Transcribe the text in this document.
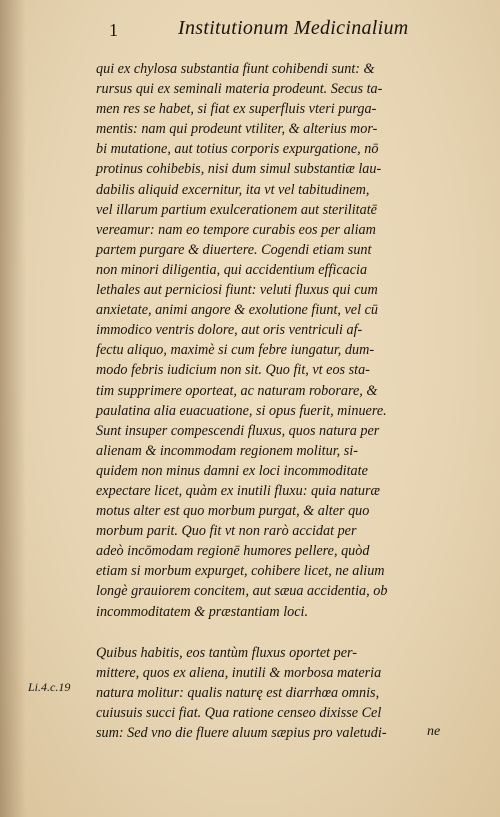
1	Institutionum Medicinalium
qui ex chylosa substantia fiunt cohibendi sunt: &
rursus qui ex seminali materia prodeunt. Secus ta-
men res se habet, si fiat ex superfluis vteri purga-
mentis: nam qui prodeunt vtiliter, & alterius mor-
bi mutatione, aut totius corporis expurgatione, nō
protinus cohibebis, nisi dum simul substantiæ lau-
dabilis aliquid excernitur, ita vt vel tabitudinem,
vel illarum partium exulcerationem aut sterilitatē
vereamur: nam eo tempore curabis eos per aliam
partem purgare & diuertere. Cogendi etiam sunt
non minori diligentia, qui accidentium efficacia
lethales aut perniciosi fiunt: veluti fluxus qui cum
anxietate, animi angore & exolutione fiunt, vel cū
immodico ventris dolore, aut oris ventriculi af-
fectu aliquo, maximè si cum febre iungatur, dum-
modo febris iudicium non sit. Quo fit, vt eos sta-
tim supprimere oporteat, ac naturam roborare, &
paulatina alia euacuatione, si opus fuerit, minuere.
Sunt insuper compescendi fluxus, quos natura per
alienam & incommodam regionem molitur, si-
quidem non minus damni ex loci incommoditate
expectare licet, quàm ex inutili fluxu: quia naturæ
motus alter est quo morbum purgat, & alter quo
morbum parit. Quo fit vt non rarò accidat per
adeò incōmodam regionē humores pellere, quòd
etiam si morbum expurget, cohibere licet, ne alium
longè grauiorem conciteт, aut sæua accidentia, ob
incommoditatem & præstantiam loci.
Quibus habitis, eos tantùm fluxus oportet per-
mittere, quos ex aliena, inutili & morbosa materia
natura molitur: qualis naturę est diarrhœa omnis,
cuiusuis succi fiat. Qua ratione censeo dixisse Cel
sum: Sed vno die fluere aluum sæpius pro valetudi-
Li.4.c.19
ne
